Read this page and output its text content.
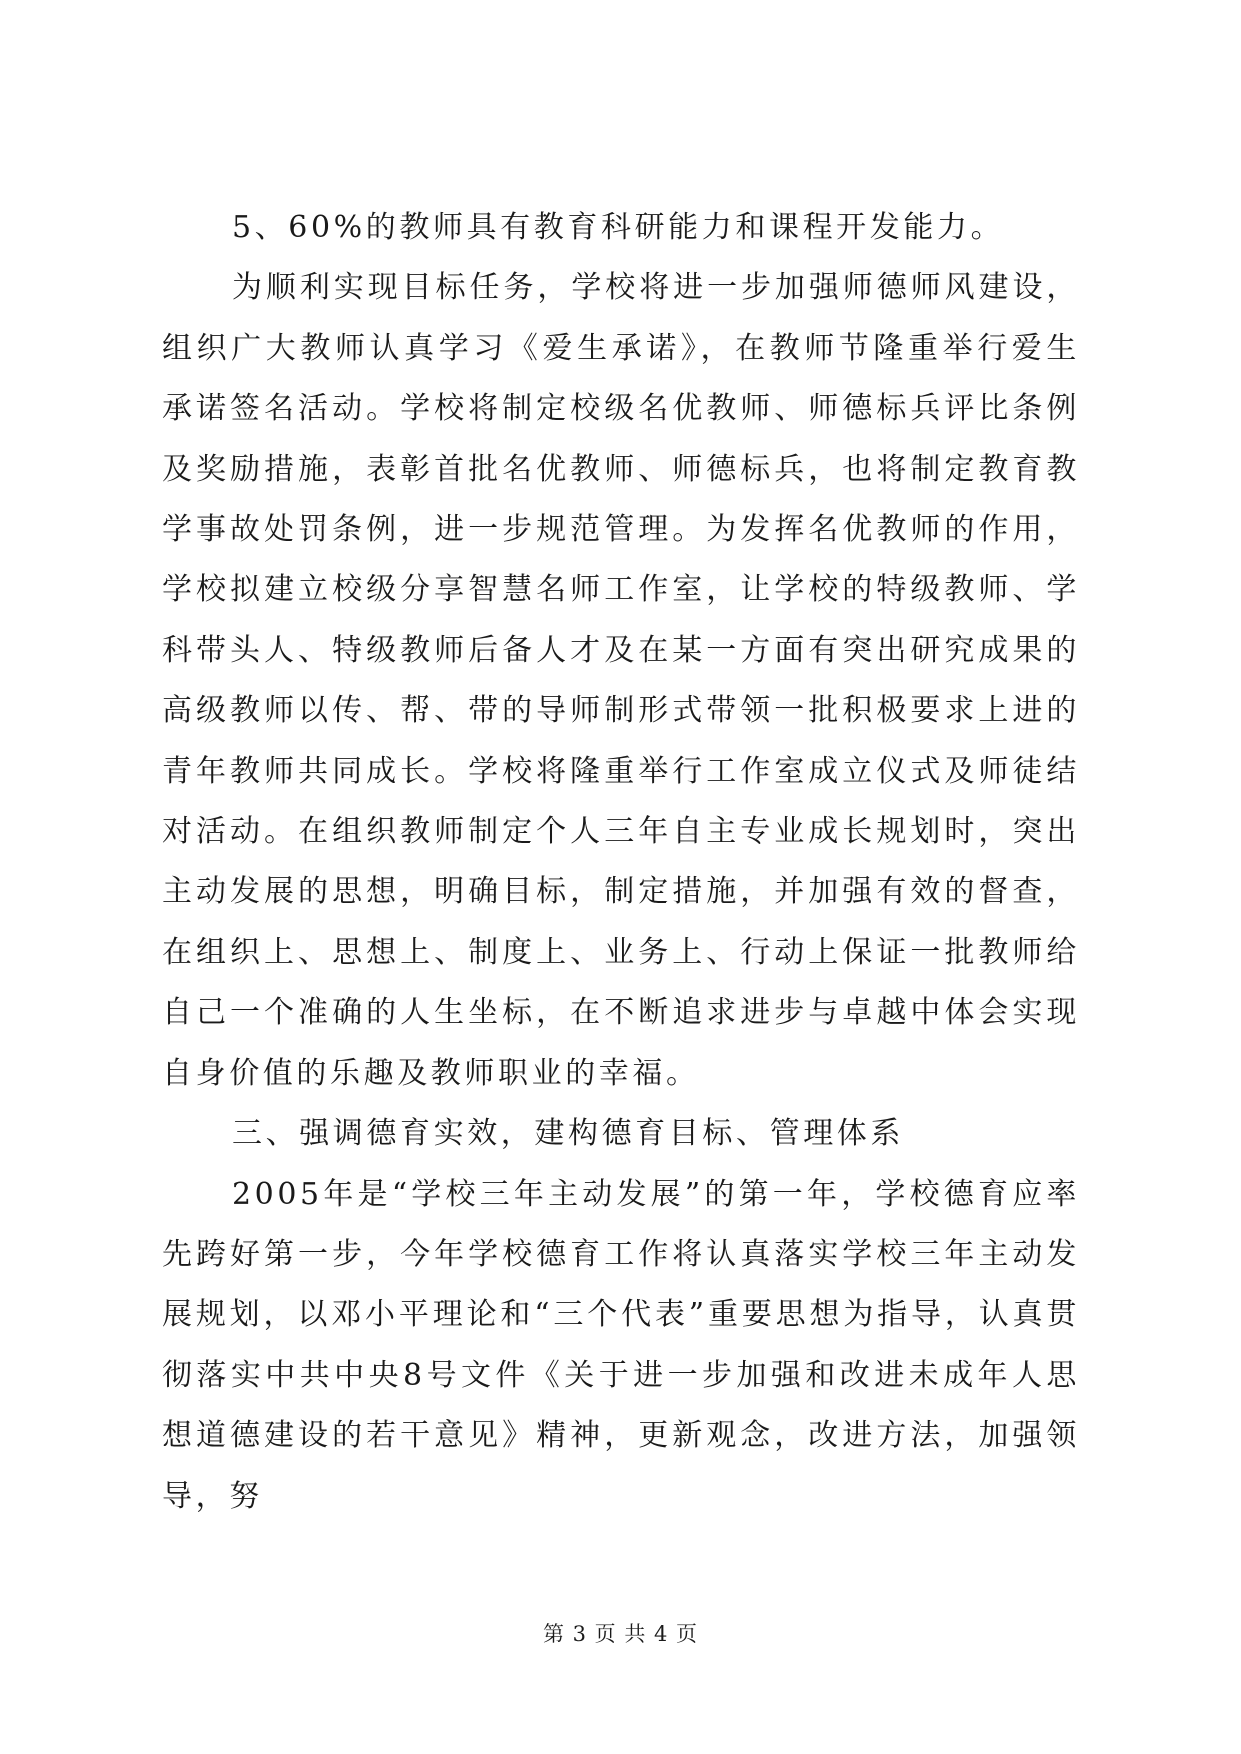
5、60%的教师具有教育科研能力和课程开发能力。

为顺利实现目标任务，学校将进一步加强师德师风建设，组织广大教师认真学习《爱生承诺》，在教师节隆重举行爱生承诺签名活动。学校将制定校级名优教师、师德标兵评比条例及奖励措施，表彰首批名优教师、师德标兵，也将制定教育教学事故处罚条例，进一步规范管理。为发挥名优教师的作用，学校拟建立校级分享智慧名师工作室，让学校的特级教师、学科带头人、特级教师后备人才及在某一方面有突出研究成果的高级教师以传、帮、带的导师制形式带领一批积极要求上进的青年教师共同成长。学校将隆重举行工作室成立仪式及师徒结对活动。在组织教师制定个人三年自主专业成长规划时，突出主动发展的思想，明确目标，制定措施，并加强有效的督查，在组织上、思想上、制度上、业务上、行动上保证一批教师给自己一个准确的人生坐标，在不断追求进步与卓越中体会实现自身价值的乐趣及教师职业的幸福。

三、强调德育实效，建构德育目标、管理体系

2005年是“学校三年主动发展”的第一年，学校德育应率先跨好第一步，今年学校德育工作将认真落实学校三年主动发展规划，以邓小平理论和“三个代表”重要思想为指导，认真贯彻落实中共中央8号文件《关于进一步加强和改进未成年人思想道德建设的若干意见》精神，更新观念，改进方法，加强领导，努

第 3 页 共 4 页
